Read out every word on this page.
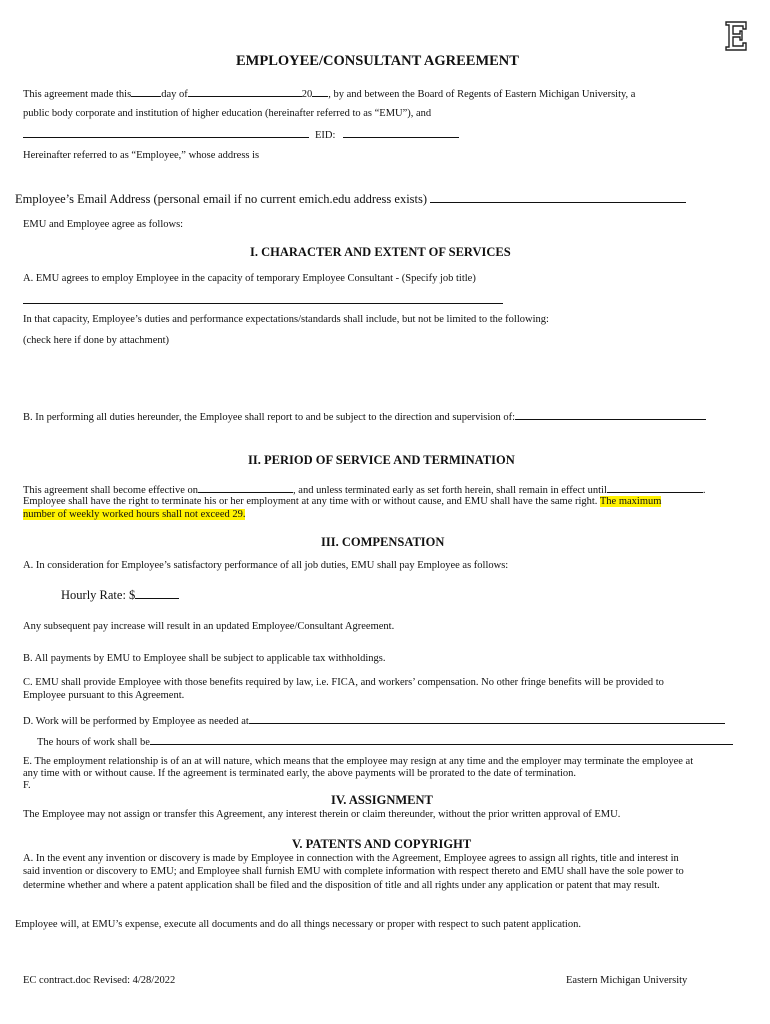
EMPLOYEE/CONSULTANT AGREEMENT
This agreement made this	day of	20 , by and between the Board of Regents of Eastern Michigan University, a
public body corporate and institution of higher education (hereinafter referred to as “EMU”), and
EID:
Hereinafter referred to as “Employee,” whose address is
Employee’s Email Address (personal email if no current emich.edu address exists)
EMU and Employee agree as follows:
I. CHARACTER AND EXTENT OF SERVICES
A. EMU agrees to employ Employee in the capacity of temporary Employee Consultant - (Specify job title)
In that capacity, Employee’s duties and performance expectations/standards shall include, but not be limited to the following:
(check here if done by attachment)
B. In performing all duties hereunder, the Employee shall report to and be subject to the direction and supervision of:
II. PERIOD OF SERVICE AND TERMINATION
This agreement shall become effective on	, and unless terminated early as set forth herein, shall remain in effect until	.
Employee shall have the right to terminate his or her employment at any time with or without cause, and EMU shall have the same right. The maximum
number of weekly worked hours shall not exceed 29.
III. COMPENSATION
A. In consideration for Employee’s satisfactory performance of all job duties, EMU shall pay Employee as follows:
Hourly Rate: $
Any subsequent pay increase will result in an updated Employee/Consultant Agreement.
B. All payments by EMU to Employee shall be subject to applicable tax withholdings.
C. EMU shall provide Employee with those benefits required by law, i.e. FICA, and workers’ compensation. No other fringe benefits will be provided to
Employee pursuant to this Agreement.
D. Work will be performed by Employee as needed at
The hours of work shall be
E. The employment relationship is of an at will nature, which means that the employee may resign at any time and the employer may terminate the employee at
any time with or without cause. If the agreement is terminated early, the above payments will be prorated to the date of termination.
F.
IV. ASSIGNMENT
The Employee may not assign or transfer this Agreement, any interest therein or claim thereunder, without the prior written approval of EMU.
V. PATENTS AND COPYRIGHT
A. In the event any invention or discovery is made by Employee in connection with the Agreement, Employee agrees to assign all rights, title and interest in
said invention or discovery to EMU; and Employee shall furnish EMU with complete information with respect thereto and EMU shall have the sole power to
determine whether and where a patent application shall be filed and the disposition of title and all rights under any application or patent that may result.
Employee will, at EMU’s expense, execute all documents and do all things necessary or proper with respect to such patent application.
EC contract.doc Revised: 4/28/2022	Eastern Michigan University
